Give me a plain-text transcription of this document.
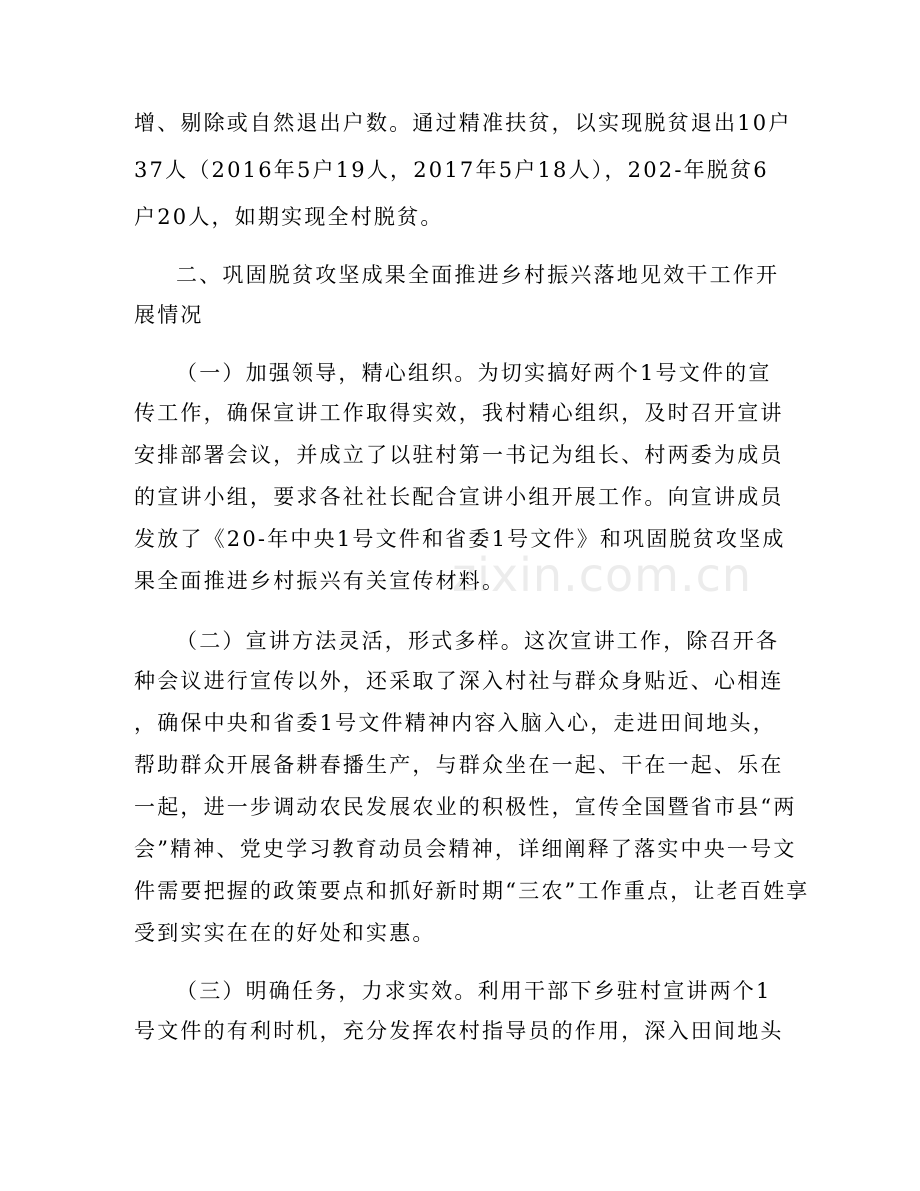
zixin.com.cn
增、剔除或自然退出户数。通过精准扶贫，以实现脱贫退出10户
37人（2016年5户19人，2017年5户18人），202-年脱贫6
户20人，如期实现全村脱贫。
二、巩固脱贫攻坚成果全面推进乡村振兴落地见效干工作开
展情况
（一）加强领导，精心组织。为切实搞好两个1号文件的宣
传工作，确保宣讲工作取得实效，我村精心组织，及时召开宣讲
安排部署会议，并成立了以驻村第一书记为组长、村两委为成员
的宣讲小组，要求各社社长配合宣讲小组开展工作。向宣讲成员
发放了《20-年中央1号文件和省委1号文件》和巩固脱贫攻坚成
果全面推进乡村振兴有关宣传材料。
（二）宣讲方法灵活，形式多样。这次宣讲工作，除召开各
种会议进行宣传以外，还采取了深入村社与群众身贴近、心相连
，确保中央和省委1号文件精神内容入脑入心，走进田间地头，
帮助群众开展备耕春播生产，与群众坐在一起、干在一起、乐在
一起，进一步调动农民发展农业的积极性，宣传全国暨省市县“两
会”精神、党史学习教育动员会精神，详细阐释了落实中央一号文
件需要把握的政策要点和抓好新时期“三农”工作重点，让老百姓享
受到实实在在的好处和实惠。
（三）明确任务，力求实效。利用干部下乡驻村宣讲两个1
号文件的有利时机，充分发挥农村指导员的作用，深入田间地头
